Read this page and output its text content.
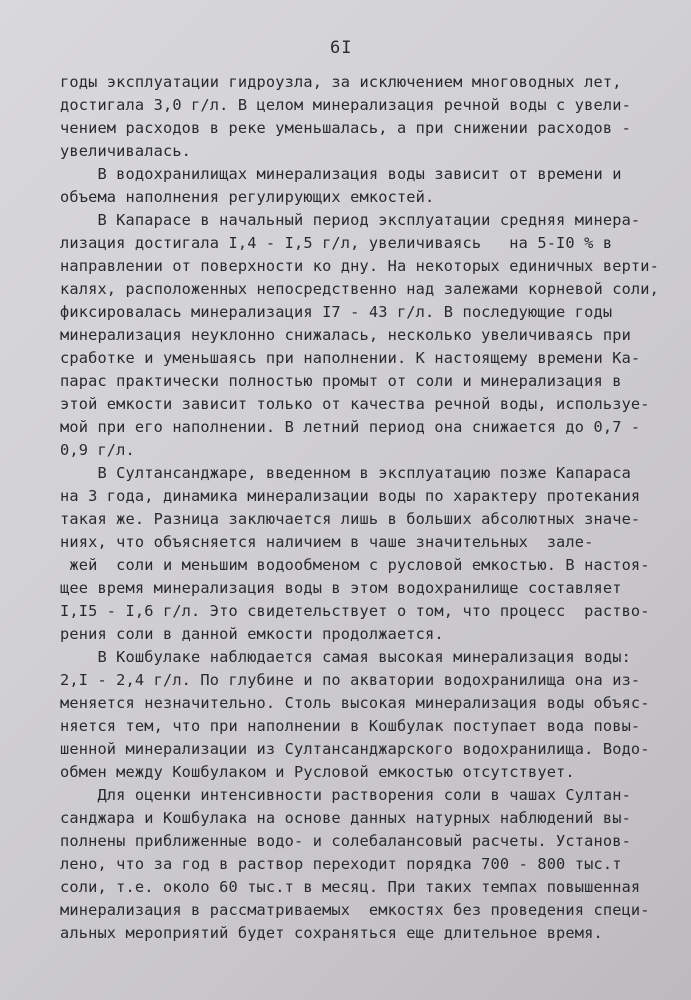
6I
годы эксплуатации гидроузла, за исключением многоводных лет,
достигала 3,0 г/л. В целом минерализация речной воды с увели-
чением расходов в реке уменьшалась, а при снижении расходов -
увеличивалась.
В водохранилищах минерализация воды зависит от времени и
объема наполнения регулирующих емкостей.
В Капарасе в начальный период эксплуатации средняя минера-
лизация достигала I,4 - I,5 г/л, увеличиваясь   на 5-I0 % в
направлении от поверхности ко дну. На некоторых единичных верти-
калях, расположенных непосредственно над залежами корневой соли,
фиксировалась минерализация I7 - 43 г/л. В последующие годы
минерализация неуклонно снижалась, несколько увеличиваясь при
сработке и уменьшаясь при наполнении. К настоящему времени Ка-
парас практически полностью промыт от соли и минерализация в
этой емкости зависит только от качества речной воды, используе-
мой при его наполнении. В летний период она снижается до 0,7 -
0,9 г/л.
В Султансанджаре, введенном в эксплуатацию позже Капараса
на 3 года, динамика минерализации воды по характеру протекания
такая же. Разница заключается лишь в больших абсолютных значе-
ниях, что объясняется наличием в чаше значительных  зале-
жей  соли и меньшим водообменом с русловой емкостью. В настоя-
щее время минерализация воды в этом водохранилище составляет
I,I5 - I,6 г/л. Это свидетельствует о том, что процесс  раство-
рения соли в данной емкости продолжается.
В Кошбулаке наблюдается самая высокая минерализация воды:
2,I - 2,4 г/л. По глубине и по акватории водохранилища она из-
меняется незначительно. Столь высокая минерализация воды объяс-
няется тем, что при наполнении в Кошбулак поступает вода повы-
шенной минерализации из Султансанджарского водохранилища. Водо-
обмен между Кошбулаком и Русловой емкостью отсутствует.
Для оценки интенсивности растворения соли в чашах Султан-
санджара и Кошбулака на основе данных натурных наблюдений вы-
полнены приближенные водо- и солебалансовый расчеты. Установ-
лено, что за год в раствор переходит порядка 700 - 800 тыс.т
соли, т.е. около 60 тыс.т в месяц. При таких темпах повышенная
минерализация в рассматриваемых  емкостях без проведения специ-
альных мероприятий будет сохраняться еще длительное время.
